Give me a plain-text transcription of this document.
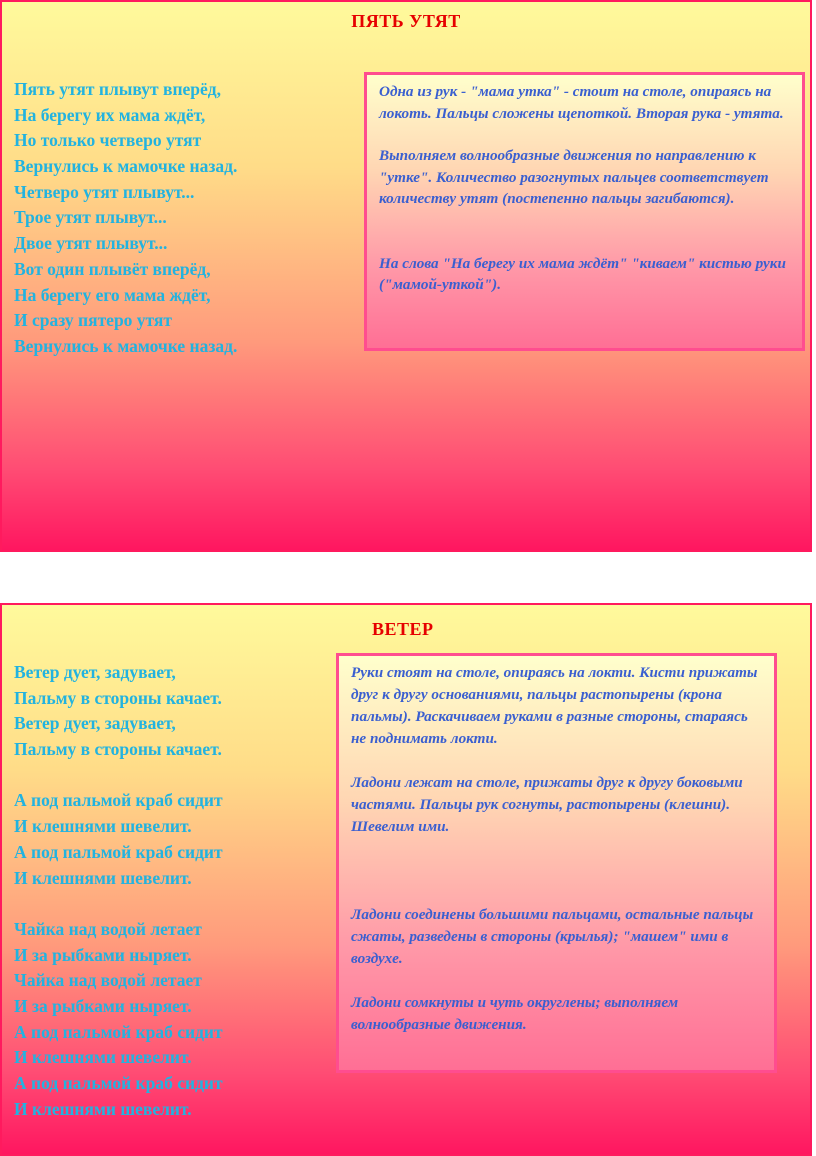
ПЯТЬ УТЯТ
Пять утят плывут вперёд,
На берегу их мама ждёт,
Но только четверо утят
Вернулись к мамочке назад.
Четверо утят плывут...
Трое утят плывут...
Двое утят плывут...
Вот один плывёт вперёд,
На берегу его мама ждёт,
И сразу пятеро утят
Вернулись к мамочке назад.

Одна из рук - "мама утка" - стоит на столе, опираясь на локоть. Пальцы сложены щепоткой. Вторая рука - утята.

Выполняем волнообразные движения по направлению к "утке". Количество разогнутых пальцев соответствует количеству утят (постепенно пальцы загибаются).

На слова "На берегу их мама ждёт" "киваем" кистью руки ("мамой-уткой").

ВЕТЕР
Ветер дует, задувает,
Пальму в стороны качает.
Ветер дует, задувает,
Пальму в стороны качает.
А под пальмой краб сидит
И клешнями шевелит.
А под пальмой краб сидит
И клешнями шевелит.
Чайка над водой летает
И за рыбками ныряет.
Чайка над водой летает
И за рыбками ныряет.
А под пальмой краб сидит
И клешнями шевелит.
А под пальмой краб сидит
И клешнями шевелит.

Руки стоят на столе, опираясь на локти. Кисти прижаты друг к другу основаниями, пальцы растопырены (крона пальмы). Раскачиваем руками в разные стороны, стараясь не поднимать локти.

Ладони лежат на столе, прижаты друг к другу боковыми частями. Пальцы рук согнуты, растопырены (клешни). Шевелим ими.

Ладони соединены большими пальцами, остальные пальцы сжаты, разведены в стороны (крылья); "машем" ими в воздухе.

Ладони сомкнуты и чуть округлены; выполняем волнообразные движения.
